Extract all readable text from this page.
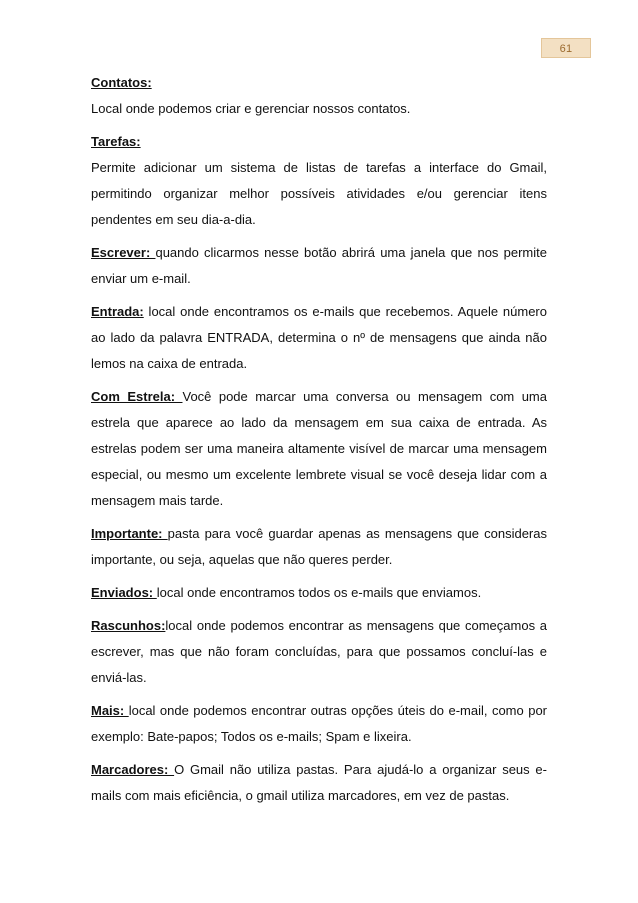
61

Contatos:
Local onde podemos criar e gerenciar nossos contatos.

Tarefas:
Permite adicionar um sistema de listas de tarefas a interface do Gmail, permitindo organizar melhor possíveis atividades e/ou gerenciar itens pendentes em seu dia-a-dia.

Escrever: quando clicarmos nesse botão abrirá uma janela que nos permite enviar um e-mail.

Entrada: local onde encontramos os e-mails que recebemos. Aquele número ao lado da palavra ENTRADA, determina o nº de mensagens que ainda não lemos na caixa de entrada.

Com Estrela: Você pode marcar uma conversa ou mensagem com uma estrela que aparece ao lado da mensagem em sua caixa de entrada. As estrelas podem ser uma maneira altamente visível de marcar uma mensagem especial, ou mesmo um excelente lembrete visual se você deseja lidar com a mensagem mais tarde.

Importante: pasta para você guardar apenas as mensagens que consideras importante, ou seja, aquelas que não queres perder.

Enviados: local onde encontramos todos os e-mails que enviamos.

Rascunhos:local onde podemos encontrar as mensagens que começamos a escrever, mas que não foram concluídas, para que possamos concluí-las e enviá-las.

Mais: local onde podemos encontrar outras opções úteis do e-mail, como por exemplo: Bate-papos; Todos os e-mails; Spam e lixeira.

Marcadores: O Gmail não utiliza pastas. Para ajudá-lo a organizar seus e-mails com mais eficiência, o gmail utiliza marcadores, em vez de pastas.
